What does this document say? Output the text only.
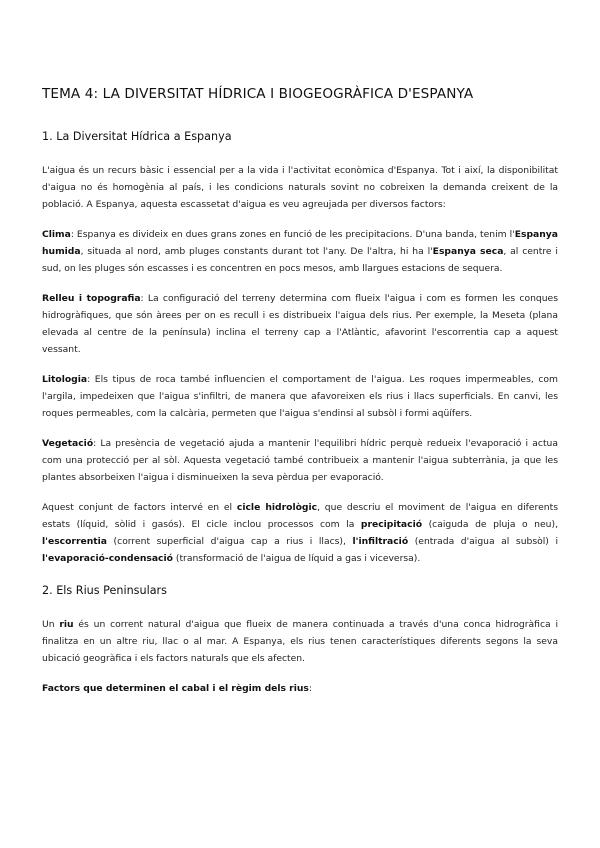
TEMA 4: LA DIVERSITAT HÍDRICA I BIOGEOGRÀFICA D'ESPANYA
1. La Diversitat Hídrica a Espanya

L'aigua és un recurs bàsic i essencial per a la vida i l'activitat econòmica d'Espanya. Tot i així, la disponibilitat d'aigua no és homogènia al país, i les condicions naturals sovint no cobreixen la demanda creixent de la població. A Espanya, aquesta escassetat d'aigua es veu agreujada per diversos factors:

Clima: Espanya es divideix en dues grans zones en funció de les precipitacions. D'una banda, tenim l'Espanya humida, situada al nord, amb pluges constants durant tot l'any. De l'altra, hi ha l'Espanya seca, al centre i sud, on les pluges són escasses i es concentren en pocs mesos, amb llargues estacions de sequera.

Relleu i topografia: La configuració del terreny determina com flueix l'aigua i com es formen les conques hidrogràfiques, que són àrees per on es recull i es distribueix l'aigua dels rius. Per exemple, la Meseta (plana elevada al centre de la península) inclina el terreny cap a l'Atlàntic, afavorint l'escorrentia cap a aquest vessant.

Litologia: Els tipus de roca també influencien el comportament de l'aigua. Les roques impermeables, com l'argila, impedeixen que l'aigua s'infiltri, de manera que afavoreixen els rius i llacs superficials. En canvi, les roques permeables, com la calcària, permeten que l'aigua s'endinsi al subsòl i formi aqüífers.

Vegetació: La presència de vegetació ajuda a mantenir l'equilibri hídric perquè redueix l'evaporació i actua com una protecció per al sòl. Aquesta vegetació també contribueix a mantenir l'aigua subterrània, ja que les plantes absorbeixen l'aigua i disminueixen la seva pèrdua per evaporació.

Aquest conjunt de factors intervé en el cicle hidrològic, que descriu el moviment de l'aigua en diferents estats (líquid, sòlid i gasós). El cicle inclou processos com la precipitació (caiguda de pluja o neu), l'escorrentia (corrent superficial d'aigua cap a rius i llacs), l'infiltració (entrada d'aigua al subsòl) i l'evaporació-condensació (transformació de l'aigua de líquid a gas i viceversa).

2. Els Rius Peninsulars

Un riu és un corrent natural d'aigua que flueix de manera continuada a través d'una conca hidrogràfica i finalitza en un altre riu, llac o al mar. A Espanya, els rius tenen característiques diferents segons la seva ubicació geogràfica i els factors naturals que els afecten.

Factors que determinen el cabal i el règim dels rius:
